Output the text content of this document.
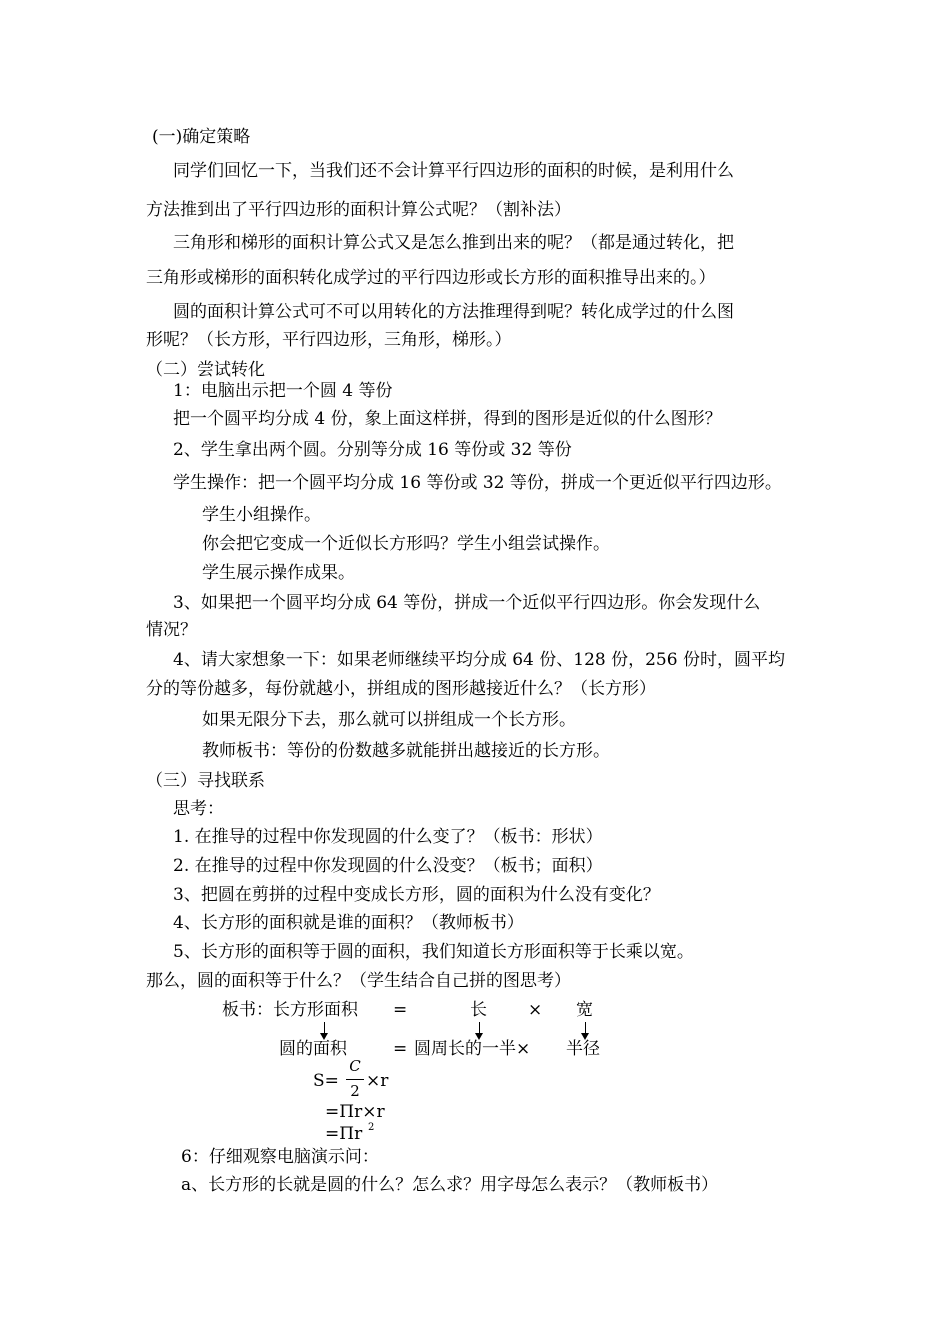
(一)确定策略
同学们回忆一下，当我们还不会计算平行四边形的面积的时候，是利用什么
方法推到出了平行四边形的面积计算公式呢？（割补法）
三角形和梯形的面积计算公式又是怎么推到出来的呢？（都是通过转化，把
三角形或梯形的面积转化成学过的平行四边形或长方形的面积推导出来的。）
圆的面积计算公式可不可以用转化的方法推理得到呢？转化成学过的什么图
形呢？（长方形，平行四边形，三角形，梯形。）
（二）尝试转化
1：电脑出示把一个圆 4 等份
把一个圆平均分成 4 份，象上面这样拼，得到的图形是近似的什么图形？
2、学生拿出两个圆。分别等分成 16 等份或 32 等份
学生操作：把一个圆平均分成 16 等份或 32 等份，拼成一个更近似平行四边形。
学生小组操作。
你会把它变成一个近似长方形吗？学生小组尝试操作。
学生展示操作成果。
3、如果把一个圆平均分成 64 等份，拼成一个近似平行四边形。你会发现什么
情况？
4、请大家想象一下：如果老师继续平均分成 64 份、128 份，256 份时，圆平均
分的等份越多，每份就越小，拼组成的图形越接近什么？（长方形）
如果无限分下去，那么就可以拼组成一个长方形。
教师板书：等份的份数越多就能拼出越接近的长方形。
（三）寻找联系
思考：
1. 在推导的过程中你发现圆的什么变了？（板书：形状）
2. 在推导的过程中你发现圆的什么没变？（板书；面积）
3、把圆在剪拼的过程中变成长方形，圆的面积为什么没有变化？
4、长方形的面积就是谁的面积？（教师板书）
5、长方形的面积等于圆的面积，我们知道长方形面积等于长乘以宽。
那么，圆的面积等于什么？（学生结合自己拼的图思考）
板书：长方形面积 =	长 × 宽
圆的面积	= 圆周长的一半× 半径
S=
C
2 ×r
=Πr×r
=Πr 2
6：仔细观察电脑演示问：
a、长方形的长就是圆的什么？怎么求？用字母怎么表示？（教师板书）
